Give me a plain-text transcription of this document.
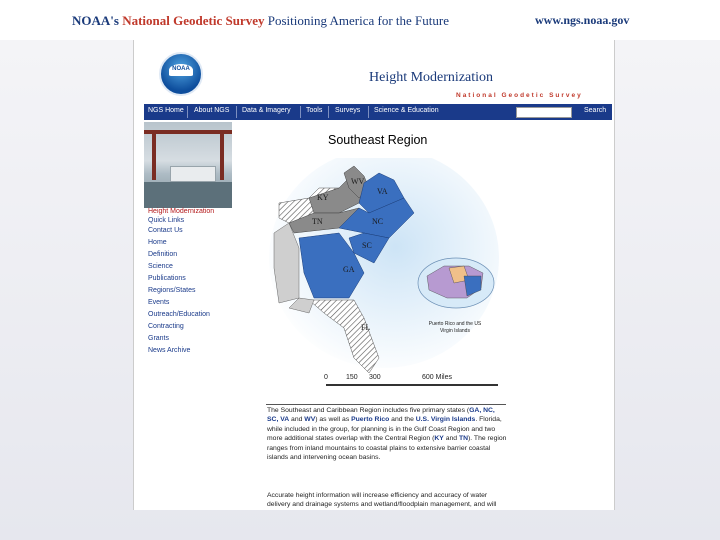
NOAA's National Geodetic Survey Positioning America for the Future	www.ngs.noaa.gov
NOAA
Height Modernization
National Geodetic Survey
NGS Home About NGS Data & Imagery Tools Surveys Science & Education	Search
Height Modernization
Quick Links
Contact Us
Home
Definition
Science
Publications
Regions/States
Events
Outreach/Education
Contracting
Grants
News Archive
Southeast Region
WV
VA
KY
NC
TN
SC
GA
FL	Puerto Rico and the US Virgin Islands
0	150 300	600 Miles
The Southeast and Caribbean Region includes five primary states (GA, NC, SC, VA and WV) as well as Puerto Rico and the U.S. Virgin Islands. Florida, while included in the group, for planning is in the Gulf Coast Region and two more additional states overlap with the Central Region (KY and TN). The region ranges from inland mountains to coastal plains to extensive barrier coastal islands and intervening ocean basins.
Accurate height information will increase efficiency and accuracy of water delivery and drainage systems and wetland/floodplain management, and will
